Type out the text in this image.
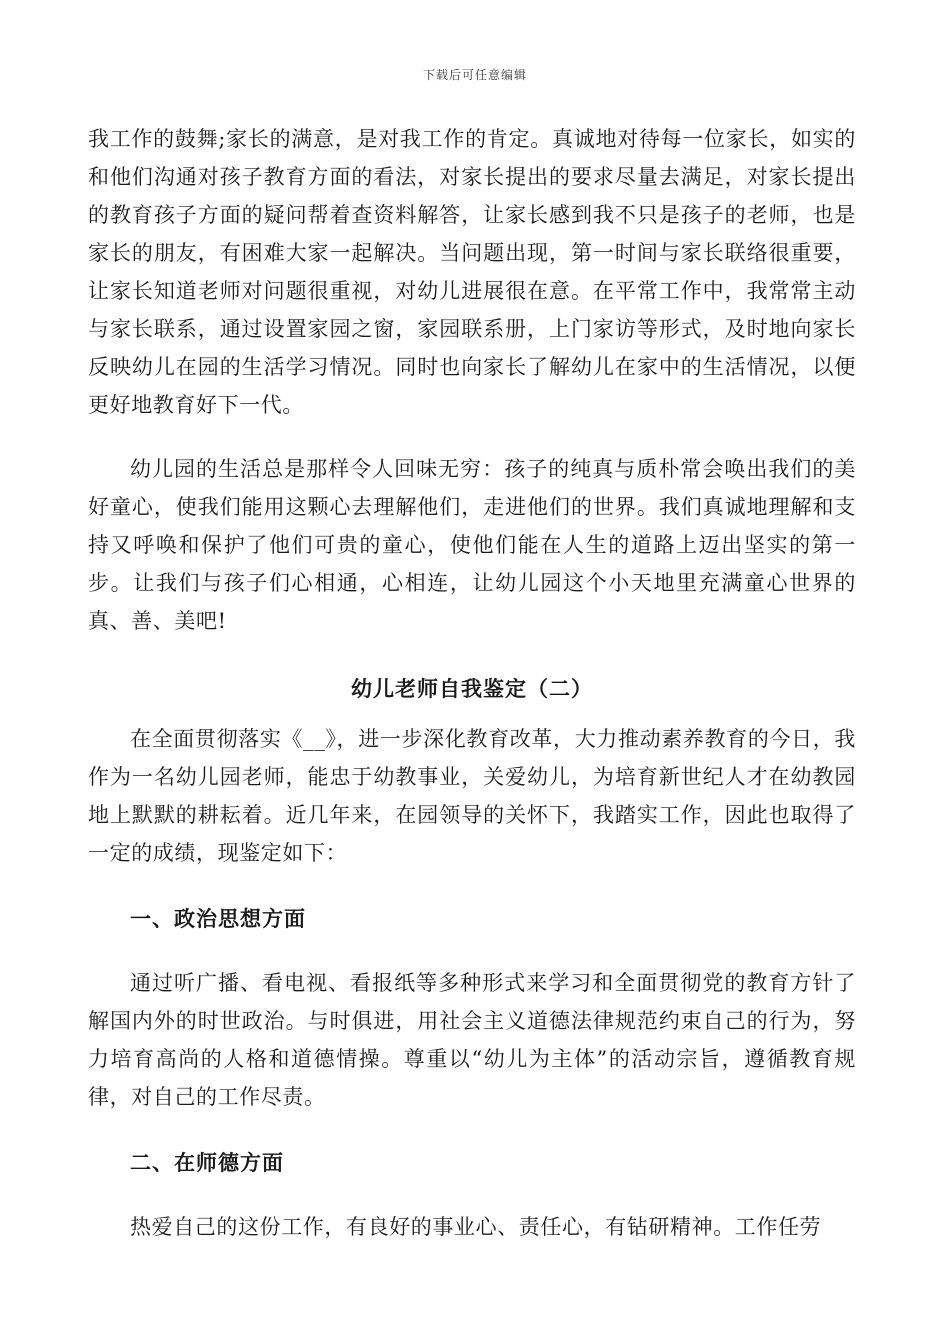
下载后可任意编辑

我工作的鼓舞;家长的满意，是对我工作的肯定。真诚地对待每一位家长，如实的和他们沟通对孩子教育方面的看法，对家长提出的要求尽量去满足，对家长提出的教育孩子方面的疑问帮着查资料解答，让家长感到我不只是孩子的老师，也是家长的朋友，有困难大家一起解决。当问题出现，第一时间与家长联络很重要，让家长知道老师对问题很重视，对幼儿进展很在意。在平常工作中，我常常主动与家长联系，通过设置家园之窗，家园联系册，上门家访等形式，及时地向家长反映幼儿在园的生活学习情况。同时也向家长了解幼儿在家中的生活情况，以便更好地教育好下一代。

幼儿园的生活总是那样令人回味无穷：孩子的纯真与质朴常会唤出我们的美好童心，使我们能用这颗心去理解他们，走进他们的世界。我们真诚地理解和支持又呼唤和保护了他们可贵的童心，使他们能在人生的道路上迈出坚实的第一步。让我们与孩子们心相通，心相连，让幼儿园这个小天地里充满童心世界的真、善、美吧!

幼儿老师自我鉴定（二）

在全面贯彻落实《__》，进一步深化教育改革，大力推动素养教育的今日，我作为一名幼儿园老师，能忠于幼教事业，关爱幼儿，为培育新世纪人才在幼教园地上默默的耕耘着。近几年来，在园领导的关怀下，我踏实工作，因此也取得了一定的成绩，现鉴定如下：

一、政治思想方面

通过听广播、看电视、看报纸等多种形式来学习和全面贯彻党的教育方针了解国内外的时世政治。与时俱进，用社会主义道德法律规范约束自己的行为，努力培育高尚的人格和道德情操。尊重以“幼儿为主体”的活动宗旨，遵循教育规律，对自己的工作尽责。

二、在师德方面

热爱自己的这份工作，有良好的事业心、责任心，有钻研精神。工作任劳
